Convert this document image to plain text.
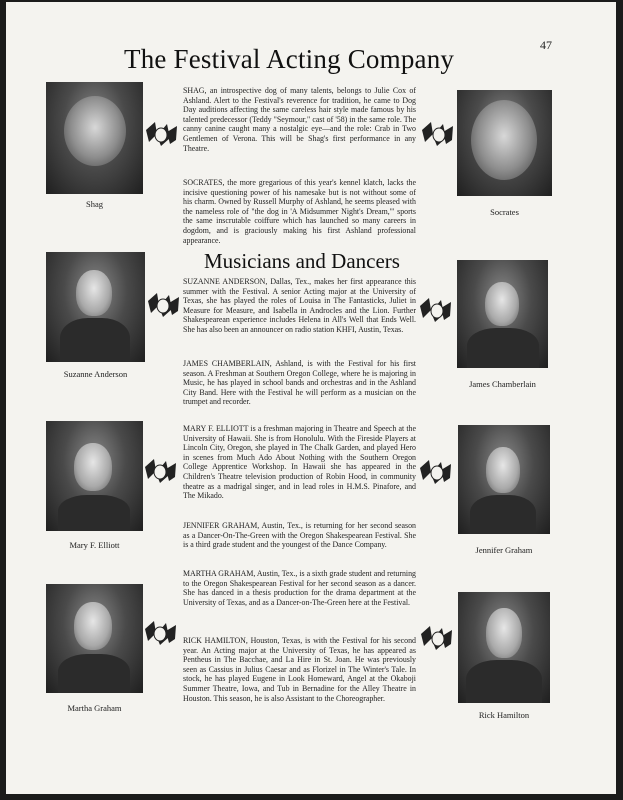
47
The Festival Acting Company
Musicians and Dancers
Shag
Socrates
Suzanne Anderson
James Chamberlain
Mary F. Elliott	Jennifer Graham
Martha Graham
Rick Hamilton

SHAG, an introspective dog of many talents, belongs to Julie Cox of Ashland. Alert to the Festival's reverence for tradition, he came to Dog Day auditions affecting the same careless hair style made famous by his talented predecessor (Teddy "Seymour," cast of '58) in the same role. The canny canine caught many a nostalgic eye—and the role: Crab in Two Gentlemen of Verona. This will be Shag's first performance in any Theatre.

SOCRATES, the more gregarious of this year's kennel klatch, lacks the incisive questioning power of his namesake but is not without some of his charm. Owned by Russell Murphy of Ashland, he seems pleased with the nameless role of "the dog in 'A Midsummer Night's Dream,'" sports the same inscrutable coiffure which has launched so many careers in dogdom, and is graciously making his first Ashland professional appearance.

SUZANNE ANDERSON, Dallas, Tex., makes her first appearance this summer with the Festival. A senior Acting major at the University of Texas, she has played the roles of Louisa in The Fantasticks, Juliet in Measure for Measure, and Isabella in Androcles and the Lion. Further Shakespearean experience includes Helena in All's Well that Ends Well. She has also been an announcer on radio station KHFI, Austin, Texas.

JAMES CHAMBERLAIN, Ashland, is with the Festival for his first season. A Freshman at Southern Oregon College, where he is majoring in Music, he has played in school bands and orchestras and in the Ashland City Band. Here with the Festival he will perform as a musician on the trumpet and recorder.

MARY F. ELLIOTT is a freshman majoring in Theatre and Speech at the University of Hawaii. She is from Honolulu. With the Fireside Players at Lincoln City, Oregon, she played in The Chalk Garden, and played Hero in scenes from Much Ado About Nothing with the Southern Oregon College Apprentice Workshop. In Hawaii she has appeared in the Children's Theatre television production of Robin Hood, in community theatre as a madrigal singer, and in lead roles in H.M.S. Pinafore, and The Mikado.

JENNIFER GRAHAM, Austin, Tex., is returning for her second season as a Dancer-On-The-Green with the Oregon Shakespearean Festival. She is a third grade student and the youngest of the Dance Company.

MARTHA GRAHAM, Austin, Tex., is a sixth grade student and returning to the Oregon Shakespearean Festival for her second season as a dancer. She has danced in a thesis production for the drama department at the University of Texas, and as a Dancer-on-The-Green here at the Festival.

RICK HAMILTON, Houston, Texas, is with the Festival for his second year. An Acting major at the University of Texas, he has appeared as Pentheus in The Bacchae, and La Hire in St. Joan. He was previously seen as Cassius in Julius Caesar and as Florizel in The Winter's Tale. In stock, he has played Eugene in Look Homeward, Angel at the Okaboji Summer Theatre, Iowa, and Tub in Bernadine for the Alley Theatre in Houston. This season, he is also Assistant to the Choreographer.
